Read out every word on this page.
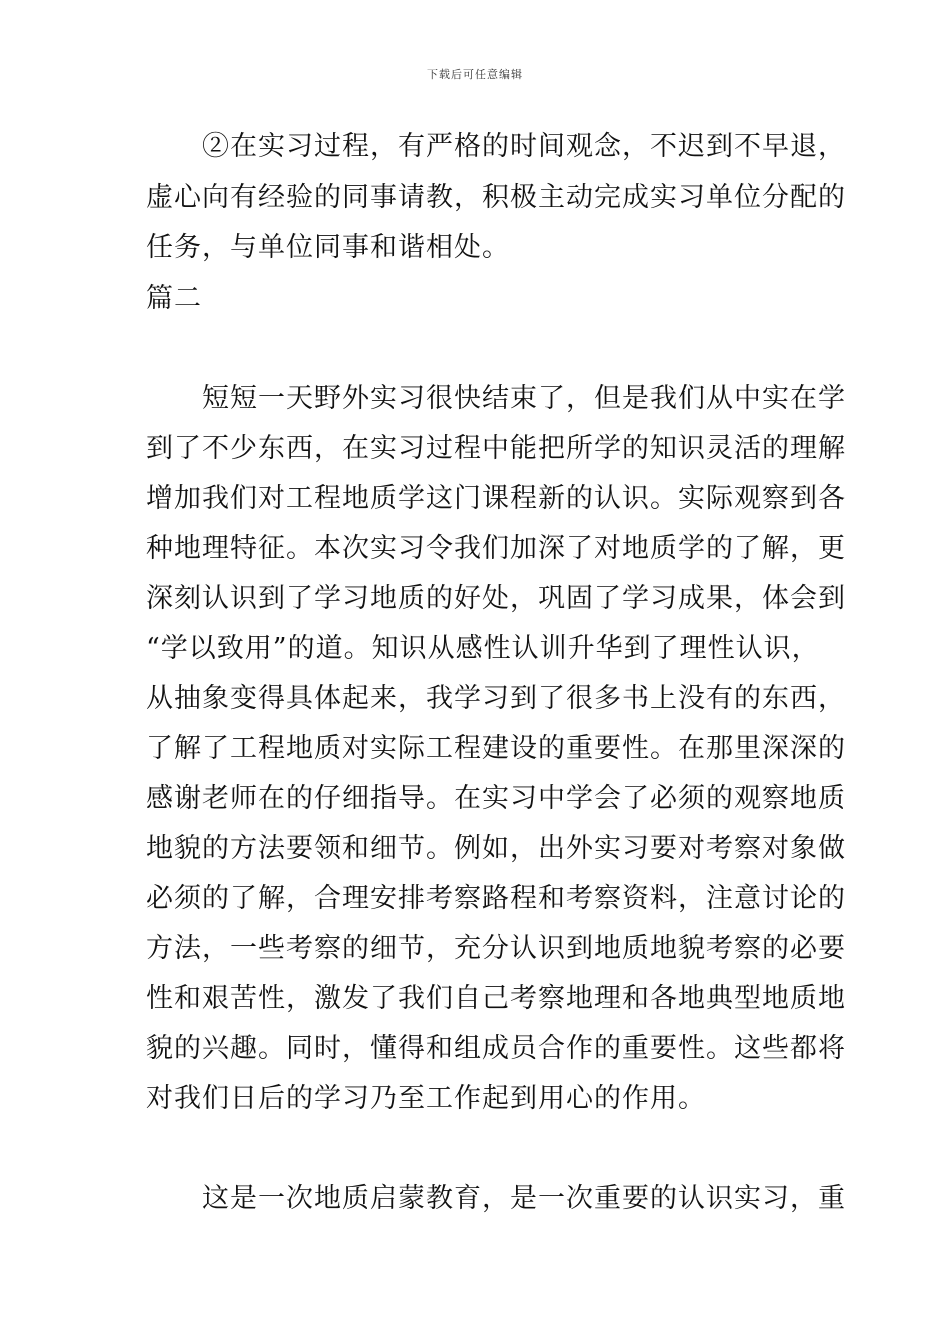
下载后可任意编辑
　　②在实习过程，有严格的时间观念，不迟到不早退，
虚心向有经验的同事请教，积极主动完成实习单位分配的
任务，与单位同事和谐相处。
篇二
　　短短一天野外实习很快结束了，但是我们从中实在学
到了不少东西，在实习过程中能把所学的知识灵活的理解
增加我们对工程地质学这门课程新的认识。实际观察到各
种地理特征。本次实习令我们加深了对地质学的了解，更
深刻认识到了学习地质的好处，巩固了学习成果，体会到
“学以致用”的道。知识从感性认训升华到了理性认识，
从抽象变得具体起来，我学习到了很多书上没有的东西，
了解了工程地质对实际工程建设的重要性。在那里深深的
感谢老师在的仔细指导。在实习中学会了必须的观察地质
地貌的方法要领和细节。例如，出外实习要对考察对象做
必须的了解，合理安排考察路程和考察资料，注意讨论的
方法，一些考察的细节，充分认识到地质地貌考察的必要
性和艰苦性，激发了我们自己考察地理和各地典型地质地
貌的兴趣。同时，懂得和组成员合作的重要性。这些都将
对我们日后的学习乃至工作起到用心的作用。
　　这是一次地质启蒙教育，是一次重要的认识实习，重
